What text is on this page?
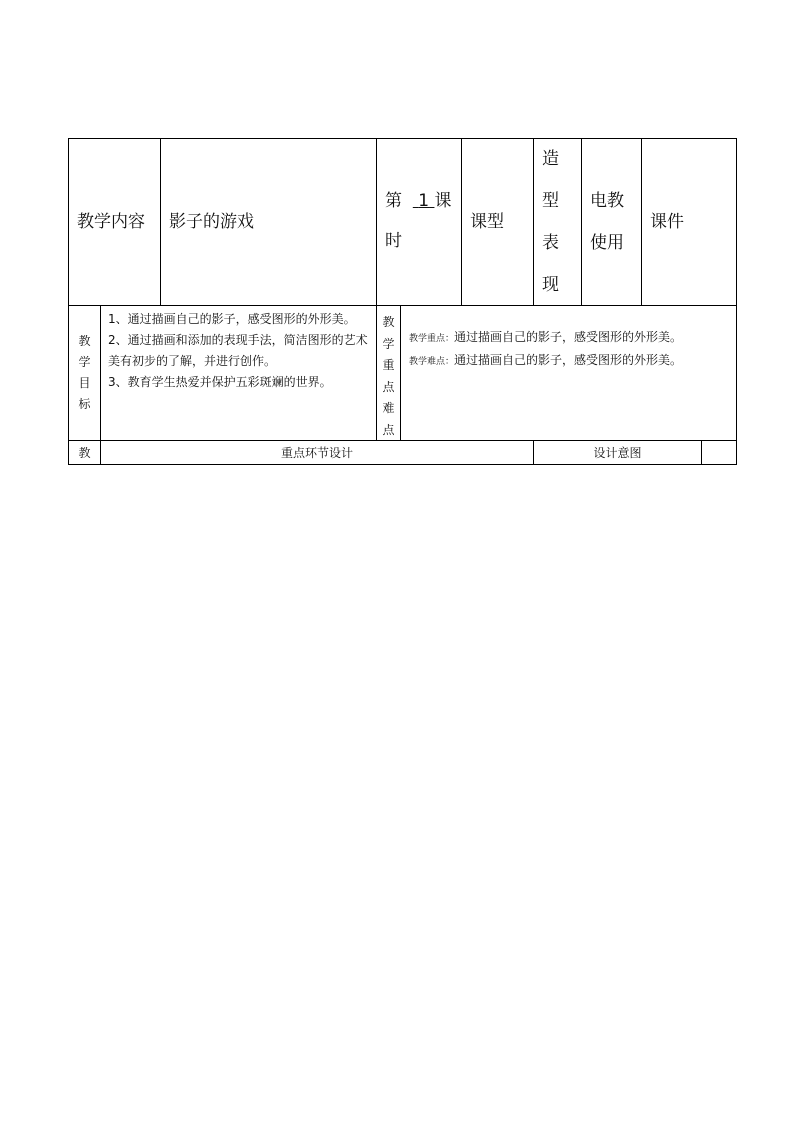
教学内容 影子的游戏
第 1 课
时
课型
造
型
表
现
电教
使用
课件
教
学
目
标
1、通过描画自己的影子，感受图形的外形美。
2、通过描画和添加的表现手法，简洁图形的艺术美有初步的了解，并进行创作。
3、教育学生热爱并保护五彩斑斓的世界。
教
学
重
点
难
点
教学重点：通过描画自己的影子，感受图形的外形美。
教学难点：通过描画自己的影子，感受图形的外形美。
教	重点环节设计	设计意图
